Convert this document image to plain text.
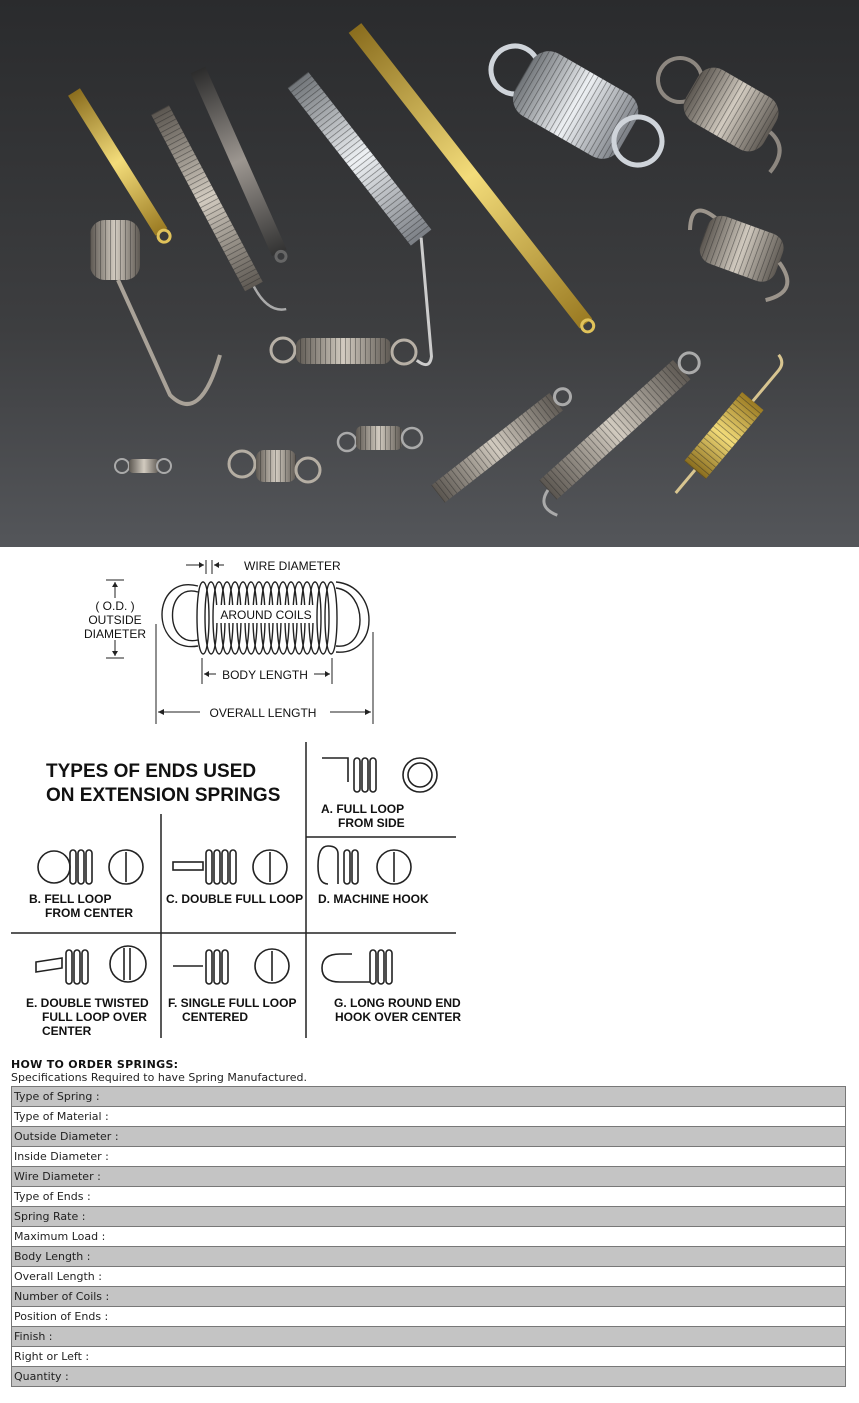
WIRE DIAMETER
( O.D. )
OUTSIDE
DIAMETER
AROUND COILS
BODY LENGTH
OVERALL LENGTH
TYPES OF ENDS USED
ON EXTENSION SPRINGS
A. FULL LOOP
FROM SIDE
B. FELL LOOP
FROM CENTER
C. DOUBLE FULL LOOP D. MACHINE HOOK
E. DOUBLE TWISTED
FULL LOOP OVER
CENTER
F. SINGLE FULL LOOP
CENTERED
G. LONG ROUND END
HOOK OVER CENTER
HOW TO ORDER SPRINGS:
Specifications Required to have Spring Manufactured.
Type of Spring :
Type of Material :
Outside Diameter :
Inside Diameter :
Wire Diameter :
Type of Ends :
Spring Rate :
Maximum Load :
Body Length :
Overall Length :
Number of Coils :
Position of Ends :
Finish :
Right or Left :
Quantity :
